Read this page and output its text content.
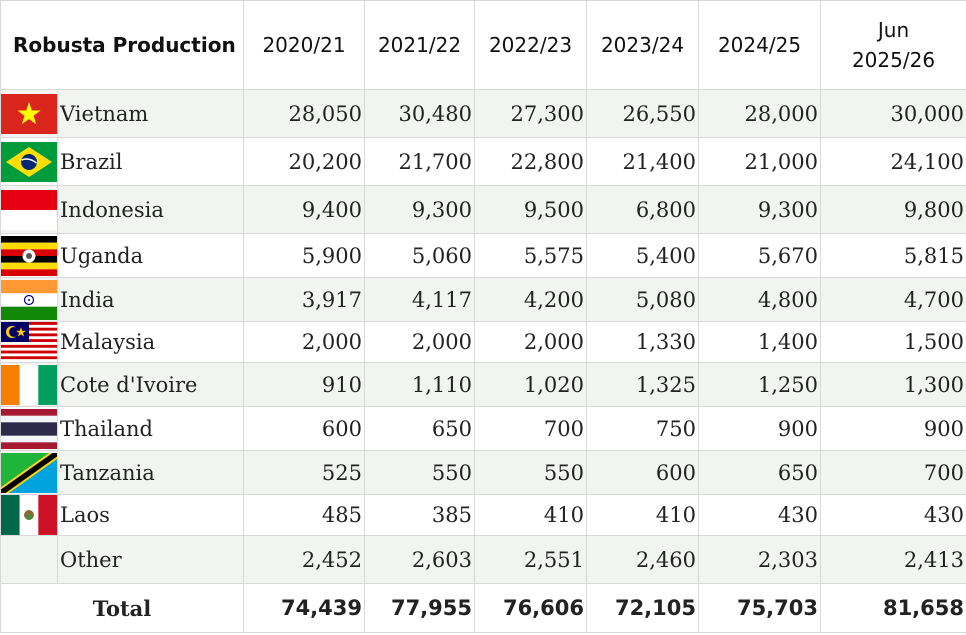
Robusta Production		2020/21	2021/22	2022/23	2023/24	2024/25	Jun 2025/26

	Vietnam	28,050	30,480	27,300	26,550	28,000	30,000

	Brazil	20,200	21,700	22,800	21,400	21,000	24,100

	Indonesia	9,400	9,300	9,500	6,800	9,300	9,800

	Uganda	5,900	5,060	5,575	5,400	5,670	5,815

	India	3,917	4,117	4,200	5,080	4,800	4,700

	Malaysia	2,000	2,000	2,000	1,330	1,400	1,500

	Cote d'Ivoire	910	1,110	1,020	1,325	1,250	1,300

	Thailand	600	650	700	750	900	900

	Tanzania	525	550	550	600	650	700

	Laos	485	385	410	410	430	430
	Other	2,452	2,603	2,551	2,460	2,303	2,413
Total		74,439	77,955	76,606	72,105	75,703	81,658
